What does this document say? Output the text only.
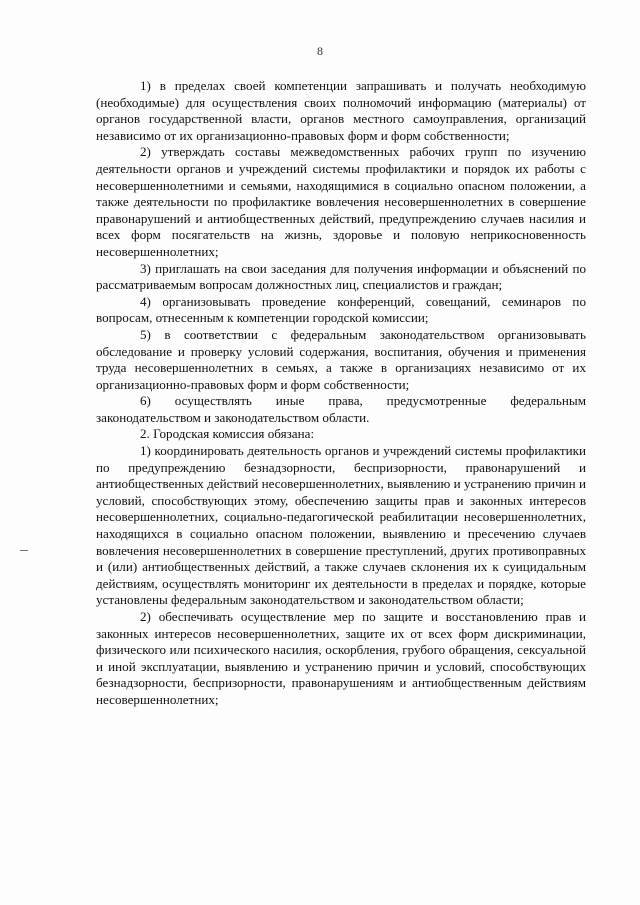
8

1) в пределах своей компетенции запрашивать и получать необходимую (необходимые) для осуществления своих полномочий информацию (материалы) от органов государственной власти, органов местного самоуправления, организаций независимо от их организационно-правовых форм и форм собственности;

2) утверждать составы межведомственных рабочих групп по изучению деятельности органов и учреждений системы профилактики и порядок их работы с несовершеннолетними и семьями, находящимися в социально опасном положении, а также деятельности по профилактике вовлечения несовершеннолетних в совершение правонарушений и антиобщественных действий, предупреждению случаев насилия и всех форм посягательств на жизнь, здоровье и половую неприкосновенность несовершеннолетних;

3) приглашать на свои заседания для получения информации и объяснений по рассматриваемым вопросам должностных лиц, специалистов и граждан;

4) организовывать проведение конференций, совещаний, семинаров по вопросам, отнесенным к компетенции городской комиссии;

5) в соответствии с федеральным законодательством организовывать обследование и проверку условий содержания, воспитания, обучения и применения труда несовершеннолетних в семьях, а также в организациях независимо от их организационно-правовых форм и форм собственности;

6) осуществлять иные права, предусмотренные федеральным законодательством и законодательством области.

2. Городская комиссия обязана:

1) координировать деятельность органов и учреждений системы профилактики по предупреждению безнадзорности, беспризорности, правонарушений и антиобщественных действий несовершеннолетних, выявлению и устранению причин и условий, способствующих этому, обеспечению защиты прав и законных интересов несовершеннолетних, социально-педагогической реабилитации несовершеннолетних, находящихся в социально опасном положении, выявлению и пресечению случаев вовлечения несовершеннолетних в совершение преступлений, других противоправных и (или) антиобщественных действий, а также случаев склонения их к суицидальным действиям, осуществлять мониторинг их деятельности в пределах и порядке, которые установлены федеральным законодательством и законодательством области;

2) обеспечивать осуществление мер по защите и восстановлению прав и законных интересов несовершеннолетних, защите их от всех форм дискриминации, физического или психического насилия, оскорбления, грубого обращения, сексуальной и иной эксплуатации, выявлению и устранению причин и условий, способствующих безнадзорности, беспризорности, правонарушениям и антиобщественным действиям несовершеннолетних;
